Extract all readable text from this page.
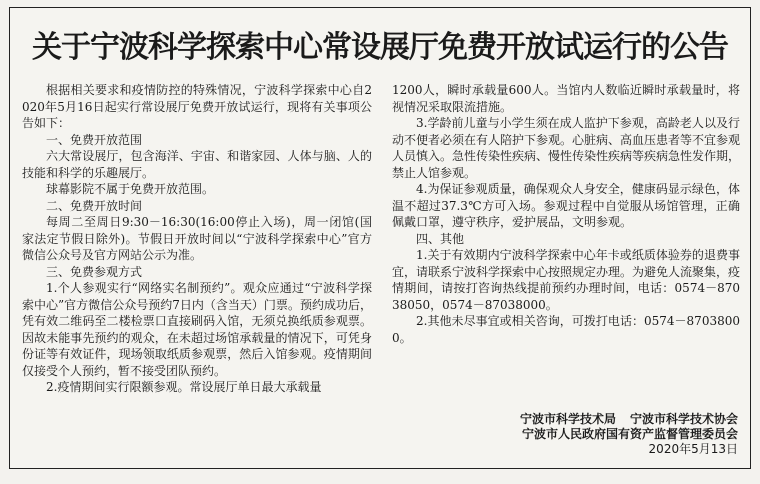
关于宁波科学探索中心常设展厅免费开放试运行的公告

根据相关要求和疫情防控的特殊情况，宁波科学探索中心自2020年5月16日起实行常设展厅免费开放试运行，现将有关事项公告如下：

一、免费开放范围

六大常设展厅，包含海洋、宇宙、和谐家园、人体与脑、人的技能和科学的乐趣展厅。

球幕影院不属于免费开放范围。

二、免费开放时间

每周二至周日9:30－16:30(16:00停止入场)，周一闭馆(国家法定节假日除外)。节假日开放时间以“宁波科学探索中心”官方微信公众号及官方网站公示为准。

三、免费参观方式

1.个人参观实行“网络实名制预约”。观众应通过“宁波科学探索中心”官方微信公众号预约7日内（含当天）门票。预约成功后，凭有效二维码至二楼检票口直接刷码入馆，无须兑换纸质参观票。因故未能事先预约的观众，在未超过场馆承载量的情况下，可凭身份证等有效证件，现场领取纸质参观票，然后入馆参观。疫情期间仅接受个人预约，暂不接受团队预约。

2.疫情期间实行限额参观。常设展厅单日最大承载量

1200人，瞬时承载量600人。当馆内人数临近瞬时承载量时，将视情况采取限流措施。

3.学龄前儿童与小学生须在成人监护下参观，高龄老人以及行动不便者必须在有人陪护下参观。心脏病、高血压患者等不宜参观人员慎入。急性传染性疾病、慢性传染性疾病等疾病急性发作期，禁止人馆参观。

4.为保证参观质量，确保观众人身安全，健康码显示绿色，体温不超过37.3℃方可入场。参观过程中自觉服从场馆管理，正确佩戴口罩，遵守秩序，爱护展品，文明参观。

四、其他

1.关于有效期内宁波科学探索中心年卡或纸质体验券的退费事宜，请联系宁波科学探索中心按照规定办理。为避免人流聚集，疫情期间，请按打咨询热线提前预约办理时间，电话：0574－87038050，0574－87038000。

2.其他未尽事宜或相关咨询，可拨打电话：0574－87038000。

宁波市科学技术局 宁波市科学技术协会
宁波市人民政府国有资产监督管理委员会
2020年5月13日
